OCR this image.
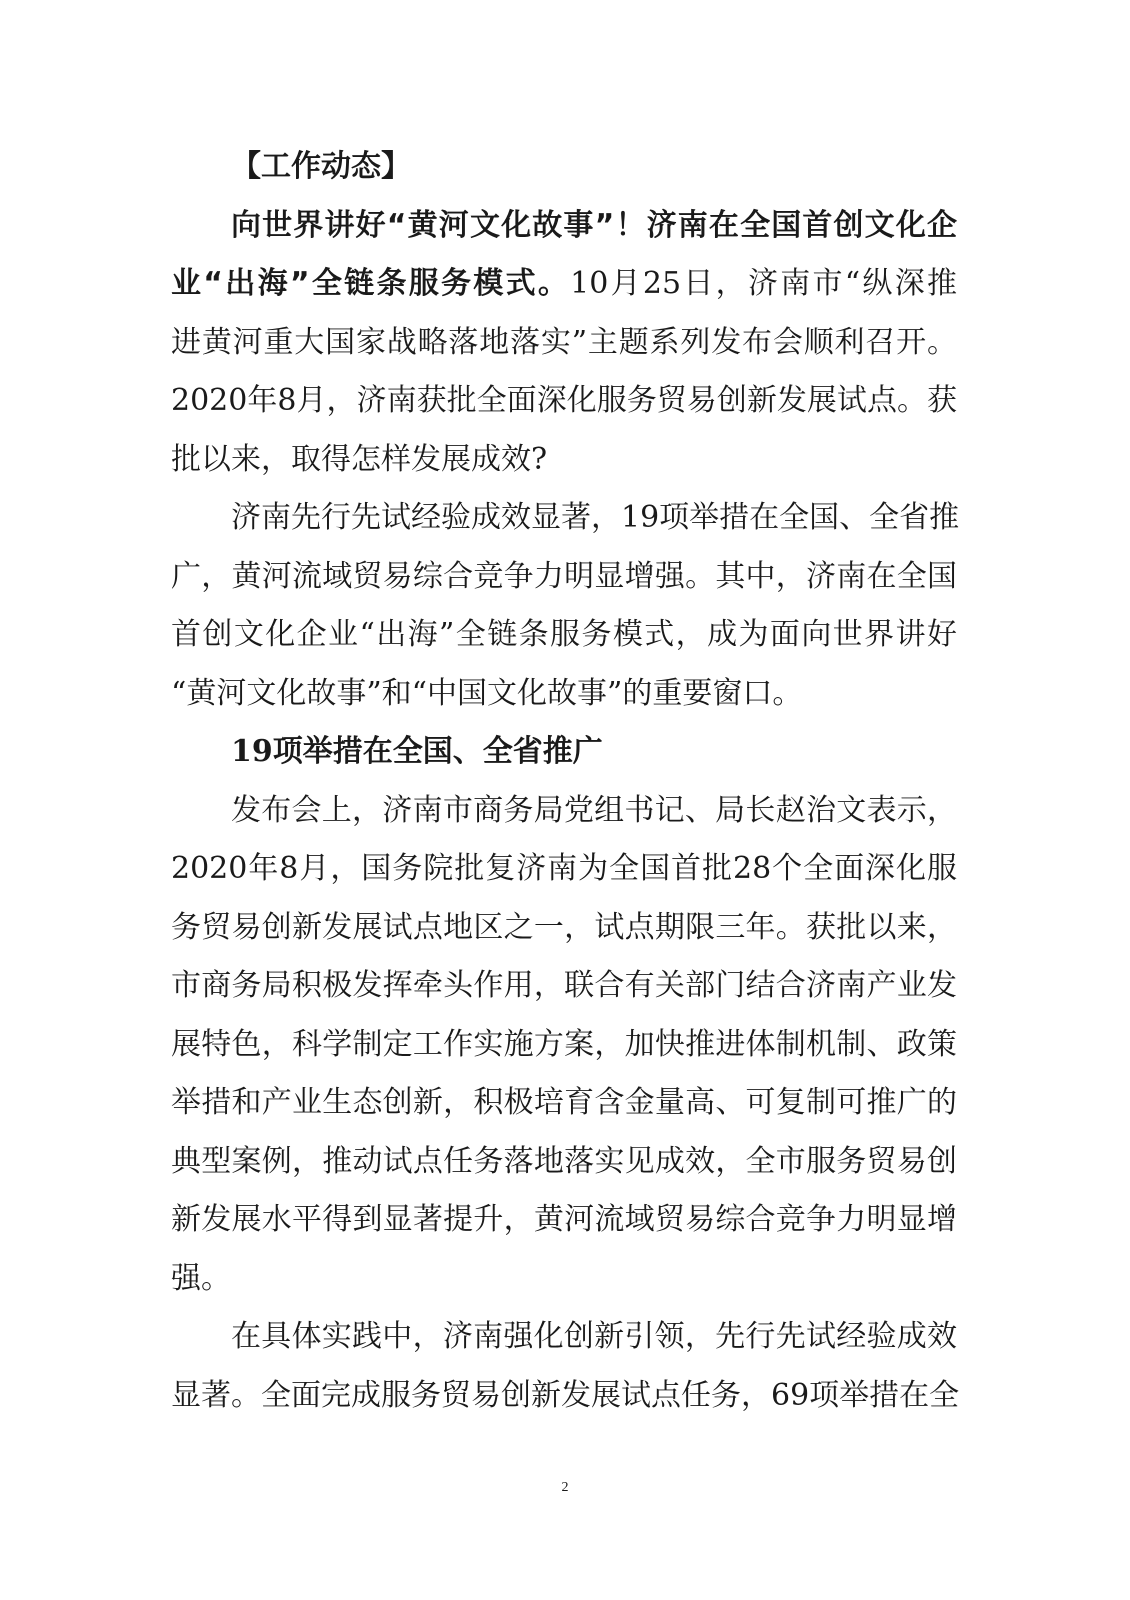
【工作动态】

向世界讲好“黄河文化故事”！济南在全国首创文化企

业“出海”全链条服务模式。10月25日，济南市“纵深推

进黄河重大国家战略落地落实”主题系列发布会顺利召开。

2020年8月，济南获批全面深化服务贸易创新发展试点。获

批以来，取得怎样发展成效?

济南先行先试经验成效显著，19项举措在全国、全省推

广，黄河流域贸易综合竞争力明显增强。其中，济南在全国

首创文化企业“出海”全链条服务模式，成为面向世界讲好

“黄河文化故事”和“中国文化故事”的重要窗口。

19项举措在全国、全省推广

发布会上，济南市商务局党组书记、局长赵治文表示，

2020年8月，国务院批复济南为全国首批28个全面深化服

务贸易创新发展试点地区之一，试点期限三年。获批以来，

市商务局积极发挥牵头作用，联合有关部门结合济南产业发

展特色，科学制定工作实施方案，加快推进体制机制、政策

举措和产业生态创新，积极培育含金量高、可复制可推广的

典型案例，推动试点任务落地落实见成效，全市服务贸易创

新发展水平得到显著提升，黄河流域贸易综合竞争力明显增

强。

在具体实践中，济南强化创新引领，先行先试经验成效

显著。全面完成服务贸易创新发展试点任务，69项举措在全

2
